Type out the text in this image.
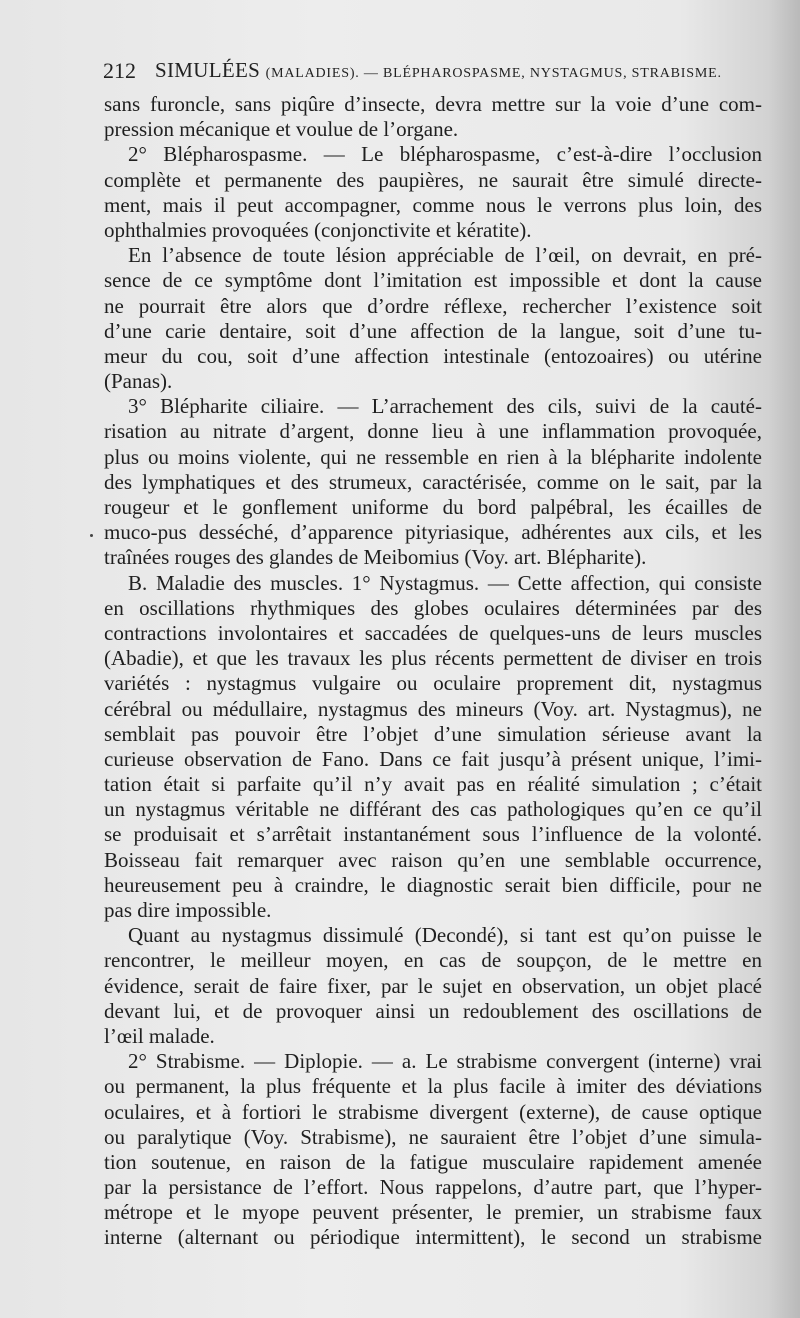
212 SIMULÉES (MALADIES). — BLÉPHAROSPASME, NYSTAGMUS, STRABISME.
sans furoncle, sans piqûre d’insecte, devra mettre sur la voie d’une com-
pression mécanique et voulue de l’organe.
2° Blépharospasme. — Le blépharospasme, c’est-à-dire l’occlusion
complète et permanente des paupières, ne saurait être simulé directe-
ment, mais il peut accompagner, comme nous le verrons plus loin, des
ophthalmies provoquées (conjonctivite et kératite).
En l’absence de toute lésion appréciable de l’œil, on devrait, en pré-
sence de ce symptôme dont l’imitation est impossible et dont la cause
ne pourrait être alors que d’ordre réflexe, rechercher l’existence soit
d’une carie dentaire, soit d’une affection de la langue, soit d’une tu-
meur du cou, soit d’une affection intestinale (entozoaires) ou utérine
(Panas).
3° Blépharite ciliaire. — L’arrachement des cils, suivi de la cauté-
risation au nitrate d’argent, donne lieu à une inflammation provoquée,
plus ou moins violente, qui ne ressemble en rien à la blépharite indolente
des lymphatiques et des strumeux, caractérisée, comme on le sait, par la
rougeur et le gonflement uniforme du bord palpébral, les écailles de
muco-pus desséché, d’apparence pityriasique, adhérentes aux cils, et les
traînées rouges des glandes de Meibomius (Voy. art. Blépharite).
B. Maladie des muscles. 1° Nystagmus. — Cette affection, qui consiste
en oscillations rhythmiques des globes oculaires déterminées par des
contractions involontaires et saccadées de quelques-uns de leurs muscles
(Abadie), et que les travaux les plus récents permettent de diviser en trois
variétés : nystagmus vulgaire ou oculaire proprement dit, nystagmus
cérébral ou médullaire, nystagmus des mineurs (Voy. art. Nystagmus), ne
semblait pas pouvoir être l’objet d’une simulation sérieuse avant la
curieuse observation de Fano. Dans ce fait jusqu’à présent unique, l’imi-
tation était si parfaite qu’il n’y avait pas en réalité simulation ; c’était
un nystagmus véritable ne différant des cas pathologiques qu’en ce qu’il
se produisait et s’arrêtait instantanément sous l’influence de la volonté.
Boisseau fait remarquer avec raison qu’en une semblable occurrence,
heureusement peu à craindre, le diagnostic serait bien difficile, pour ne
pas dire impossible.
Quant au nystagmus dissimulé (Decondé), si tant est qu’on puisse le
rencontrer, le meilleur moyen, en cas de soupçon, de le mettre en
évidence, serait de faire fixer, par le sujet en observation, un objet placé
devant lui, et de provoquer ainsi un redoublement des oscillations de
l’œil malade.
2° Strabisme. — Diplopie. — a. Le strabisme convergent (interne) vrai
ou permanent, la plus fréquente et la plus facile à imiter des déviations
oculaires, et à fortiori le strabisme divergent (externe), de cause optique
ou paralytique (Voy. Strabisme), ne sauraient être l’objet d’une simula-
tion soutenue, en raison de la fatigue musculaire rapidement amenée
par la persistance de l’effort. Nous rappelons, d’autre part, que l’hyper-
métrope et le myope peuvent présenter, le premier, un strabisme faux
interne (alternant ou périodique intermittent), le second un strabisme
